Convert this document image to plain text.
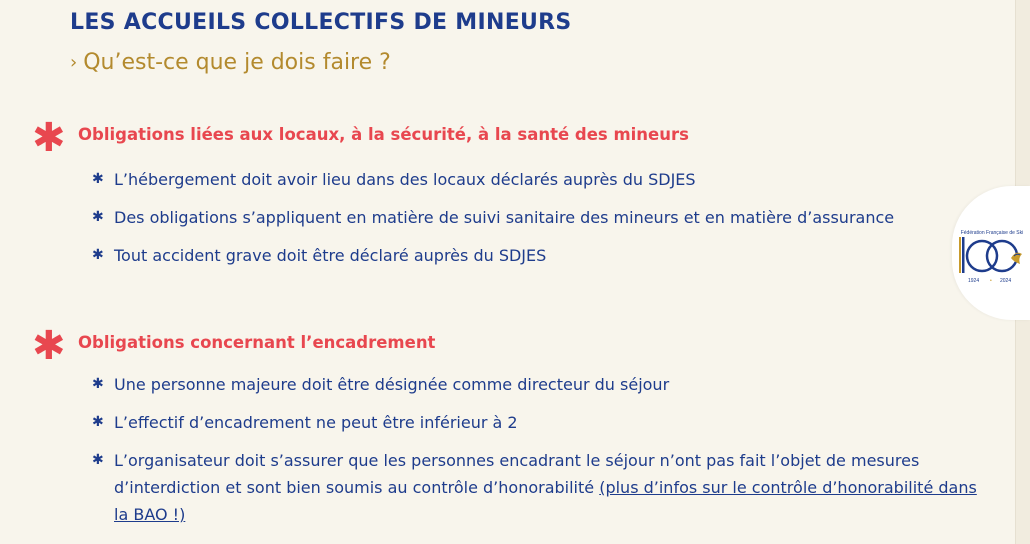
Fédération Française de Ski
1924 • 2024
LES ACCUEILS COLLECTIFS DE MINEURS
› Qu’est-ce que je dois faire ?
✱ Obligations liées aux locaux, à la sécurité, à la santé des mineurs
✱ L’hébergement doit avoir lieu dans des locaux déclarés auprès du SDJES
✱ Des obligations s’appliquent en matière de suivi sanitaire des mineurs et en matière d’assurance
✱ Tout accident grave doit être déclaré auprès du SDJES
✱ Obligations concernant l’encadrement
✱ Une personne majeure doit être désignée comme directeur du séjour
✱ L’effectif d’encadrement ne peut être inférieur à 2
✱ L’organisateur doit s’assurer que les personnes encadrant le séjour n’ont pas fait l’objet de mesures d’interdiction et sont bien soumis au contrôle d’honorabilité (plus d’infos sur le contrôle d’honorabilité dans la BAO !)
